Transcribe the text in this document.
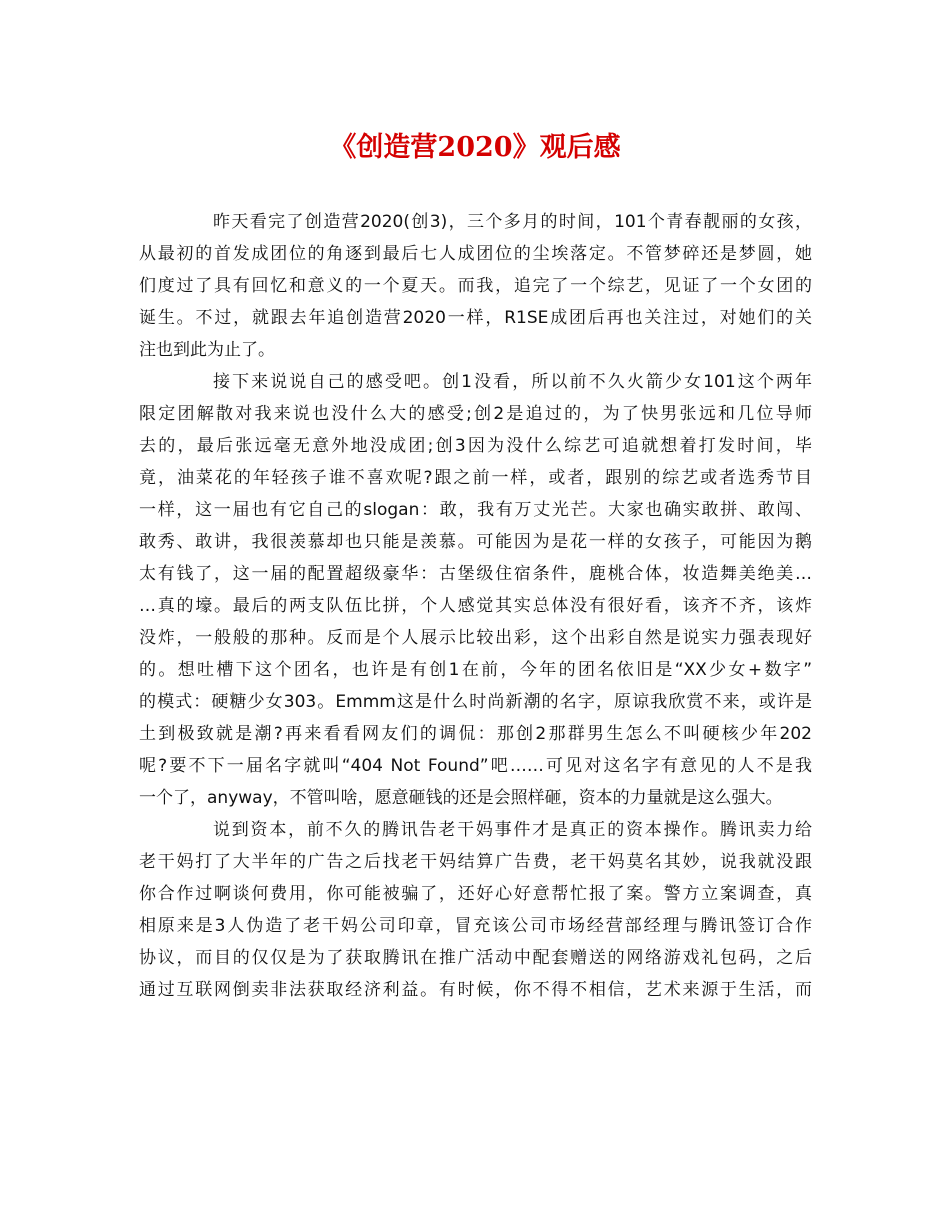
《创造营2020》观后感
昨天看完了创造营2020(创3)，三个多月的时间，101个青春靓丽的女孩，
从最初的首发成团位的角逐到最后七人成团位的尘埃落定。不管梦碎还是梦圆，她
们度过了具有回忆和意义的一个夏天。而我，追完了一个综艺，见证了一个女团的
诞生。不过，就跟去年追创造营2020一样，R1SE成团后再也关注过，对她们的关
注也到此为止了。
接下来说说自己的感受吧。创1没看，所以前不久火箭少女101这个两年
限定团解散对我来说也没什么大的感受;创2是追过的，为了快男张远和几位导师
去的，最后张远毫无意外地没成团;创3因为没什么综艺可追就想着打发时间，毕
竟，油菜花的年轻孩子谁不喜欢呢?跟之前一样，或者，跟别的综艺或者选秀节目
一样，这一届也有它自己的slogan：敢，我有万丈光芒。大家也确实敢拼、敢闯、
敢秀、敢讲，我很羡慕却也只能是羡慕。可能因为是花一样的女孩子，可能因为鹅
太有钱了，这一届的配置超级豪华：古堡级住宿条件，鹿桃合体，妆造舞美绝美…
…真的壕。最后的两支队伍比拼，个人感觉其实总体没有很好看，该齐不齐，该炸
没炸，一般般的那种。反而是个人展示比较出彩，这个出彩自然是说实力强表现好
的。想吐槽下这个团名，也许是有创1在前，今年的团名依旧是“XX少女+数字”
的模式：硬糖少女303。Emmm这是什么时尚新潮的名字，原谅我欣赏不来，或许是
土到极致就是潮?再来看看网友们的调侃：那创2那群男生怎么不叫硬核少年202
呢?要不下一届名字就叫“404 Not Found”吧……可见对这名字有意见的人不是我
一个了，anyway，不管叫啥，愿意砸钱的还是会照样砸，资本的力量就是这么强大。
说到资本，前不久的腾讯告老干妈事件才是真正的资本操作。腾讯卖力给
老干妈打了大半年的广告之后找老干妈结算广告费，老干妈莫名其妙，说我就没跟
你合作过啊谈何费用，你可能被骗了，还好心好意帮忙报了案。警方立案调查，真
相原来是3人伪造了老干妈公司印章，冒充该公司市场经营部经理与腾讯签订合作
协议，而目的仅仅是为了获取腾讯在推广活动中配套赠送的网络游戏礼包码，之后
通过互联网倒卖非法获取经济利益。有时候，你不得不相信，艺术来源于生活，而
